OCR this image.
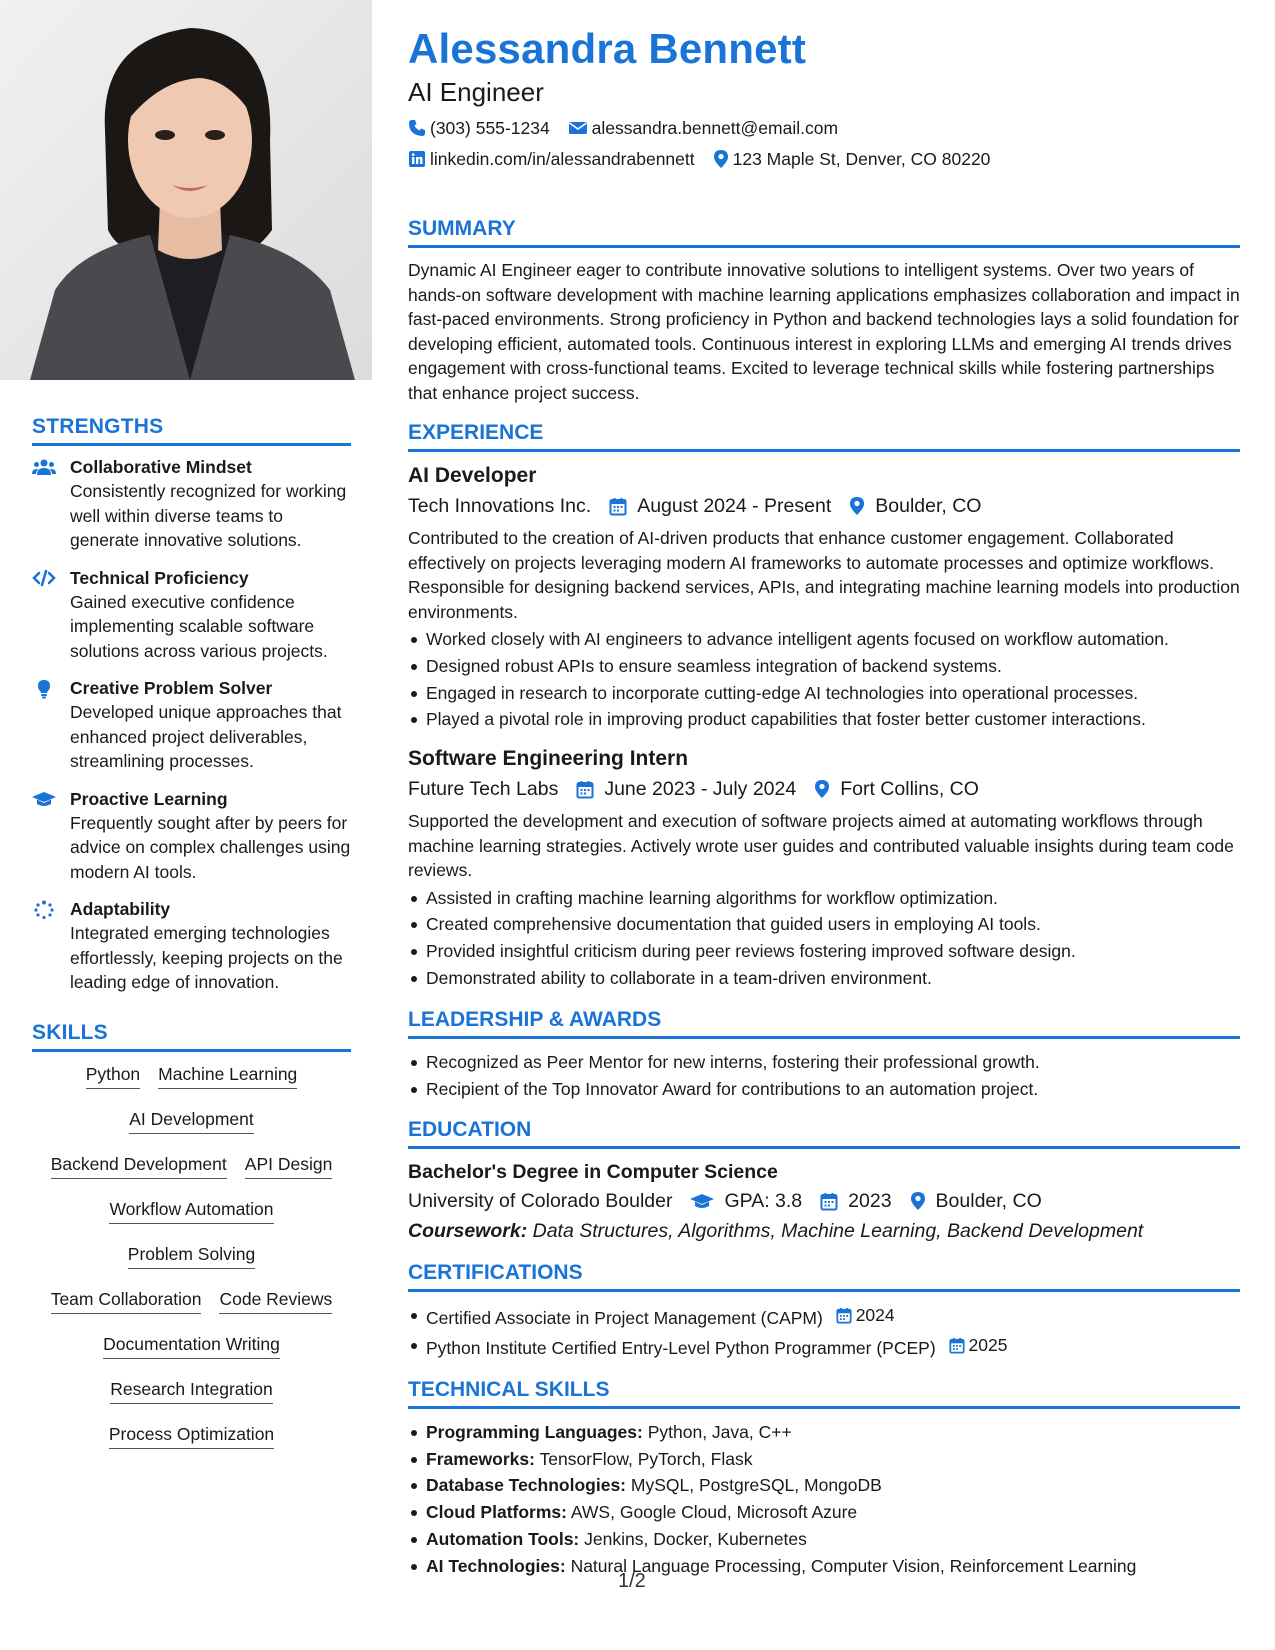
STRENGTHS
Collaborative Mindset

Consistently recognized for working well within diverse teams to generate innovative solutions.

Technical Proficiency

Gained executive confidence implementing scalable software solutions across various projects.

Creative Problem Solver

Developed unique approaches that enhanced project deliverables, streamlining processes.

Proactive Learning

Frequently sought after by peers for advice on complex challenges using modern AI tools.

Adaptability

Integrated emerging technologies effortlessly, keeping projects on the leading edge of innovation.

SKILLS
Python Machine Learning
AI Development
Backend Development API Design
Workflow Automation
Problem Solving
Team Collaboration Code Reviews
Documentation Writing
Research Integration
Process Optimization
Alessandra Bennett
AI Engineer
(303) 555-1234 alessandra.bennett@email.com
linkedin.com/in/alessandrabennett 123 Maple St, Denver, CO 80220
SUMMARY

Dynamic AI Engineer eager to contribute innovative solutions to intelligent systems. Over two years of hands-on software development with machine learning applications emphasizes collaboration and impact in fast-paced environments. Strong proficiency in Python and backend technologies lays a solid foundation for developing efficient, automated tools. Continuous interest in exploring LLMs and emerging AI trends drives engagement with cross-functional teams. Excited to leverage technical skills while fostering partnerships that enhance project success.

EXPERIENCE
AI Developer
Tech Innovations Inc. August 2024 - Present Boulder, CO

Contributed to the creation of AI-driven products that enhance customer engagement. Collaborated effectively on projects leveraging modern AI frameworks to automate processes and optimize workflows. Responsible for designing backend services, APIs, and integrating machine learning models into production environments.

Worked closely with AI engineers to advance intelligent agents focused on workflow automation.
Designed robust APIs to ensure seamless integration of backend systems.
Engaged in research to incorporate cutting-edge AI technologies into operational processes.
Played a pivotal role in improving product capabilities that foster better customer interactions.
Software Engineering Intern
Future Tech Labs June 2023 - July 2024 Fort Collins, CO

Supported the development and execution of software projects aimed at automating workflows through machine learning strategies. Actively wrote user guides and contributed valuable insights during team code reviews.

Assisted in crafting machine learning algorithms for workflow optimization.
Created comprehensive documentation that guided users in employing AI tools.
Provided insightful criticism during peer reviews fostering improved software design.
Demonstrated ability to collaborate in a team-driven environment.
LEADERSHIP & AWARDS
Recognized as Peer Mentor for new interns, fostering their professional growth.
Recipient of the Top Innovator Award for contributions to an automation project.
EDUCATION
Bachelor's Degree in Computer Science
University of Colorado Boulder	GPA: 3.8 2023 Boulder, CO
Coursework: Data Structures, Algorithms, Machine Learning, Backend Development
CERTIFICATIONS
Certified Associate in Project Management (CAPM) 2024
Python Institute Certified Entry-Level Python Programmer (PCEP) 2025
TECHNICAL SKILLS
Programming Languages: Python, Java, C++
Frameworks: TensorFlow, PyTorch, Flask
Database Technologies: MySQL, PostgreSQL, MongoDB
Cloud Platforms: AWS, Google Cloud, Microsoft Azure
Automation Tools: Jenkins, Docker, Kubernetes
AI Technologies: Natural Language Processing, Computer Vision, Reinforcement Learning
1/2
